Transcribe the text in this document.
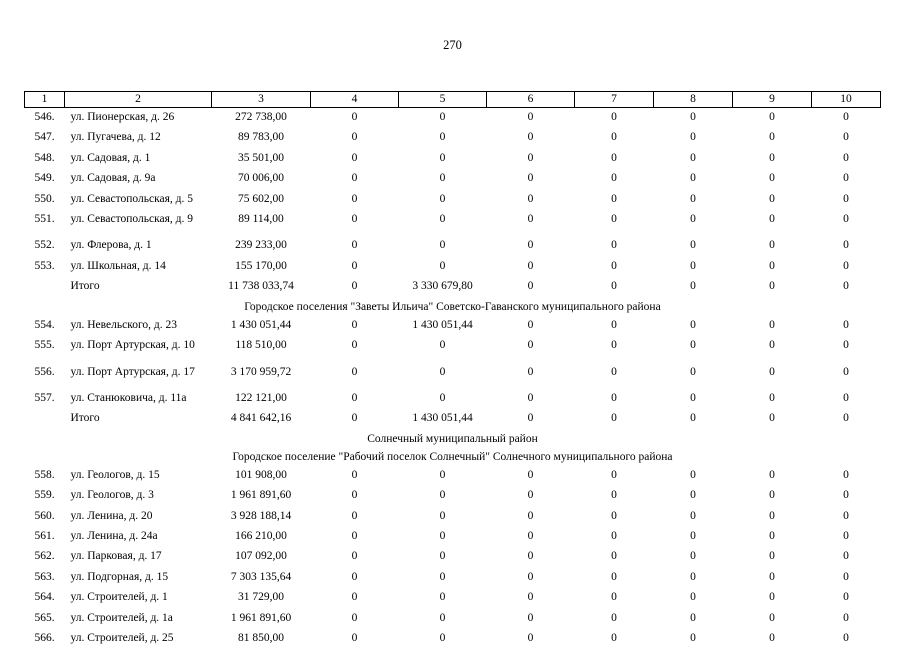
270
1	2	3	4	5	6	7	8	9	10
546.	ул. Пионерская, д. 26	272 738,00	0	0	0	0	0	0	0
547.	ул. Пугачева, д. 12	89 783,00	0	0	0	0	0	0	0
548.	ул. Садовая, д. 1	35 501,00	0	0	0	0	0	0	0
549.	ул. Садовая, д. 9а	70 006,00	0	0	0	0	0	0	0
550.	ул. Севастопольская, д. 5	75 602,00	0	0	0	0	0	0	0
551.	ул. Севастопольская, д. 9	89 114,00	0	0	0	0	0	0	0
552.	ул. Флерова, д. 1	239 233,00	0	0	0	0	0	0	0
553.	ул. Школьная, д. 14	155 170,00	0	0	0	0	0	0	0
	Итого	11 738 033,74	0	3 330 679,80	0	0	0	0	0
Городское поселения "Заветы Ильича" Советско-Гаванского муниципального района									
554.	ул. Невельского, д. 23	1 430 051,44	0	1 430 051,44	0	0	0	0	0
555.	ул. Порт Артурская, д. 10	118 510,00	0	0	0	0	0	0	0
556.	ул. Порт Артурская, д. 17	3 170 959,72	0	0	0	0	0	0	0
557.	ул. Станюковича, д. 11а	122 121,00	0	0	0	0	0	0	0
	Итого	4 841 642,16	0	1 430 051,44	0	0	0	0	0
Солнечный муниципальный район									
Городское поселение "Рабочий поселок Солнечный" Солнечного муниципального района									
558.	ул. Геологов, д. 15	101 908,00	0	0	0	0	0	0	0
559.	ул. Геологов, д. 3	1 961 891,60	0	0	0	0	0	0	0
560.	ул. Ленина, д. 20	3 928 188,14	0	0	0	0	0	0	0
561.	ул. Ленина, д. 24а	166 210,00	0	0	0	0	0	0	0
562.	ул. Парковая, д. 17	107 092,00	0	0	0	0	0	0	0
563.	ул. Подгорная, д. 15	7 303 135,64	0	0	0	0	0	0	0
564.	ул. Строителей, д. 1	31 729,00	0	0	0	0	0	0	0
565.	ул. Строителей, д. 1а	1 961 891,60	0	0	0	0	0	0	0
566.	ул. Строителей, д. 25	81 850,00	0	0	0	0	0	0	0
